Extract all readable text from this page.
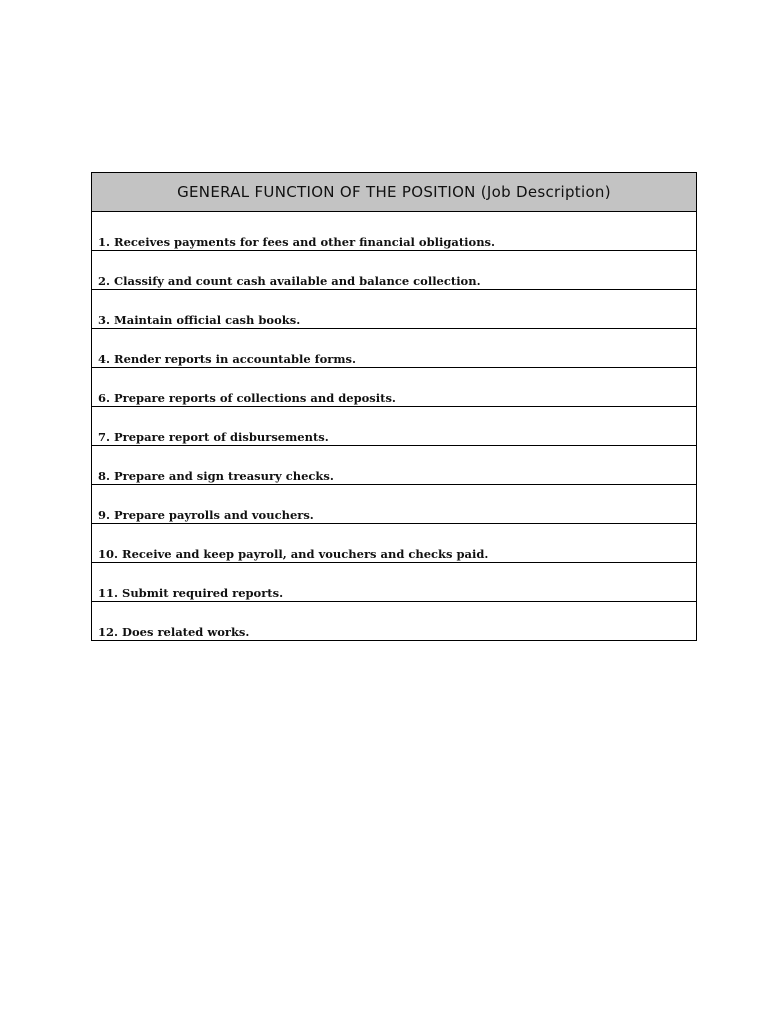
GENERAL FUNCTION OF THE POSITION (Job Description)
1. Receives payments for fees and other financial obligations.
2. Classify and count cash available and balance collection.
3. Maintain official cash books.
4. Render reports in accountable forms.
6. Prepare reports of collections and deposits.
7. Prepare report of disbursements.
8. Prepare and sign treasury checks.
9. Prepare payrolls and vouchers.
10. Receive and keep payroll, and vouchers and checks paid.
11. Submit required reports.
12. Does related works.
